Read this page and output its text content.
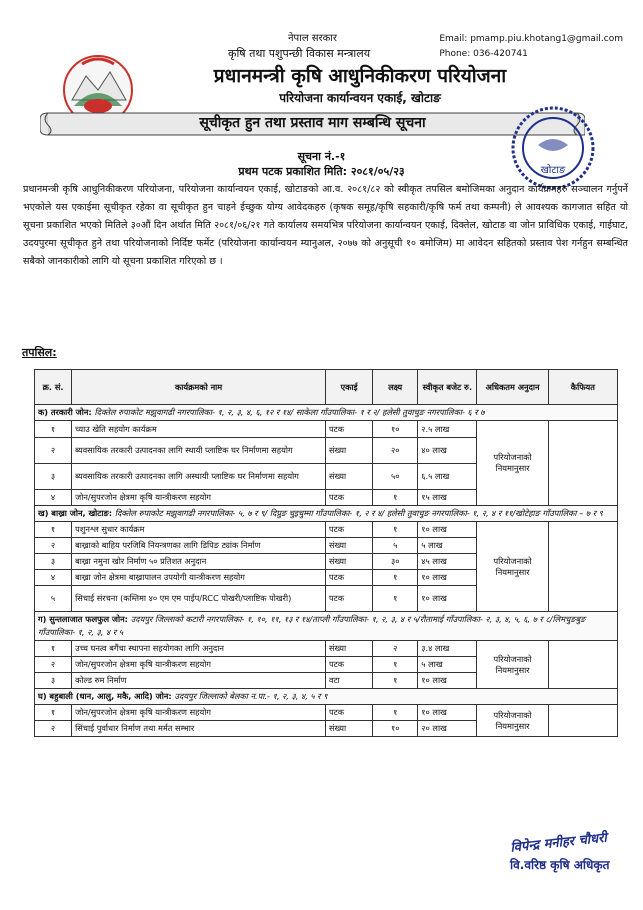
नेपाल सरकार
कृषि तथा पशुपन्छी विकास मन्त्रालय
प्रधानमन्त्री कृषि आधुनिकीकरण परियोजना
परियोजना कार्यान्वयन एकाई, खोटाङ
Email: pmamp.piu.khotang1@gmail.com
Phone: 036-420741
सूचीकृत हुन तथा प्रस्ताव माग सम्बन्धि सूचना
खोटाङ
सूचना नं.-१
प्रथम पटक प्रकाशित मिति: २०८१/०५/२३
प्रधानमन्त्री कृषि आधुनिकीकरण परियोजना, परियोजना कार्यान्वयन एकाई, खोटाङको आ.व. २०८१/८२ को स्वीकृत तपसिल बमोजिमका अनुदान कार्यक्रमहरु सञ्चालन गर्नुपर्ने भएकोले यस एकाईमा सूचीकृत रहेका वा सूचीकृत हुन चाहने ईच्छुक योग्य आवेदकहरु (कृषक समूह/कृषि सहकारी/कृषि फर्म तथा कम्पनी) ले आवश्यक कागजात सहित यो सूचना प्रकाशित भएको मितिले ३०औं दिन अर्थात मिति २०८१/०६/२१ गते कार्यालय समयभित्र परियोजना कार्यान्वयन एकाई, दिक्तेल, खोटाङ वा जोन प्राविधिक एकाई, गाईघाट, उदयपुरमा सूचीकृत हुने तथा परियोजनाको निर्दिष्ट फर्मेट (परियोजना कार्यान्वयन म्यानुअल, २०७७ को अनुसूची १० बमोजिम) मा आवेदन सहितको प्रस्ताव पेश गर्नहुन सम्बन्धित सबैको जानकारीको लागि यो सूचना प्रकाशित गरिएको छ ।
तपसिल:
क्र. सं.	कार्यक्रमको नाम	एकाई	लक्ष्य	स्वीकृत बजेट रु.	अधिकतम अनुदान	कैफियत
क) तरकारी जोन: दिक्तेल रुपाकोट मझुवागढी नगरपालिका- १, २, ३, ४, ६, १२ र १४/ साकेला गाँउपालिका- १ र २/ हलेसी तुवाचुङ नगरपालिका- ६ र ७						
१	च्याउ खेति सहयोग कार्यक्रम	पटक	१०	२.५ लाख	परियोजनाको नियमानुसार	
२	ब्यवसायिक तरकारी उत्पादनका लागि स्थायी प्लाष्टिक घर निर्माणमा सहयोग	संख्या	२०	४० लाख		
३	ब्यवसायिक तरकारी उत्पादनका लागि अस्थायी प्लाष्टिक घर निर्माणमा सहयोग	संख्या	५०	६.५ लाख		
४	जोन/सुपरजोन क्षेत्रमा कृषि यान्त्रीकरण सहयोग	पटक	१	१५ लाख		
ख) बाख्रा जोन, खोटाङ: दिक्तेल रुपाकोट मझुवागढी नगरपालिका- ५, ७ र ९/ दिप्रुङ चुइचुम्मा गाँउपालिका- १, २ र ४/ हलेसी तुवाचुङ नगरपालिका- १, २, ४ र ११/खोटेहाङ गाँउपालिका – ७ र ९						
१	पशुनश्ल सुधार कार्यक्रम	पटक	१	१० लाख	परियोजनाको नियमानुसार	
२	बाख्राको बाहिय परजिबि नियन्त्रणका लागि डिपिङ ट्यांक निर्माण	संख्या	५	५ लाख		
३	बाख्रा नमुना खोर निर्माण ५० प्रतिशत अनुदान	संख्या	३०	४५ लाख		
४	बाख्रा जोन क्षेत्रमा बाख्रापालन उपयोगी यान्त्रीकरण सहयोग	पटक	१	१० लाख		
५	सिचाई संरचना (कम्तिमा ४० एम एम पाईप/RCC पोखरी/प्लाष्टिक पोखरी)	पटक	१	१० लाख		
ग) सुन्तलाजात फलफुल जोन: उदयपुर जिल्लाको कटारी नगरपालिका- १, १०, ११, १३ र १४/ताप्ली गाँउपालिका- १, २, ३, ४ र ५/रौतामाई गाँउपालिका- २, ३, ४, ५, ६, ७ र ८/लिमचुङबुङ गाँउपालिका- १, २, ३, ४ र ५						
१	उच्च घनत्व बगैंचा स्थापना सहयोगका लागि अनुदान	संख्या	२	३.४ लाख	परियोजनाको नियमानुसार	
२	जोन/सुपरजोन क्षेत्रमा कृषि यान्त्रीकरण सहयोग	पटक	१	५ लाख		
३	कोल्ड रुम निर्माण	वटा	१	१० लाख		
घ) बहुबाली (धान, आलु, मकै, आदि) जोन: उदयपुर जिल्लाको बेलका न.पा.- १, २, ३, ४, ५ र ९						
१	जोन/सुपरजोन क्षेत्रमा कृषि यान्त्रीकरण सहयोग	पटक	१	१० लाख	परियोजनाको नियमानुसार	
२	सिंचाई पुर्वाधार निर्माण तथा मर्मत सम्भार	संख्या	१०	२० लाख		
विपेन्द्र मनीहर चौधरी
वि.वरिष्ठ कृषि अधिकृत
